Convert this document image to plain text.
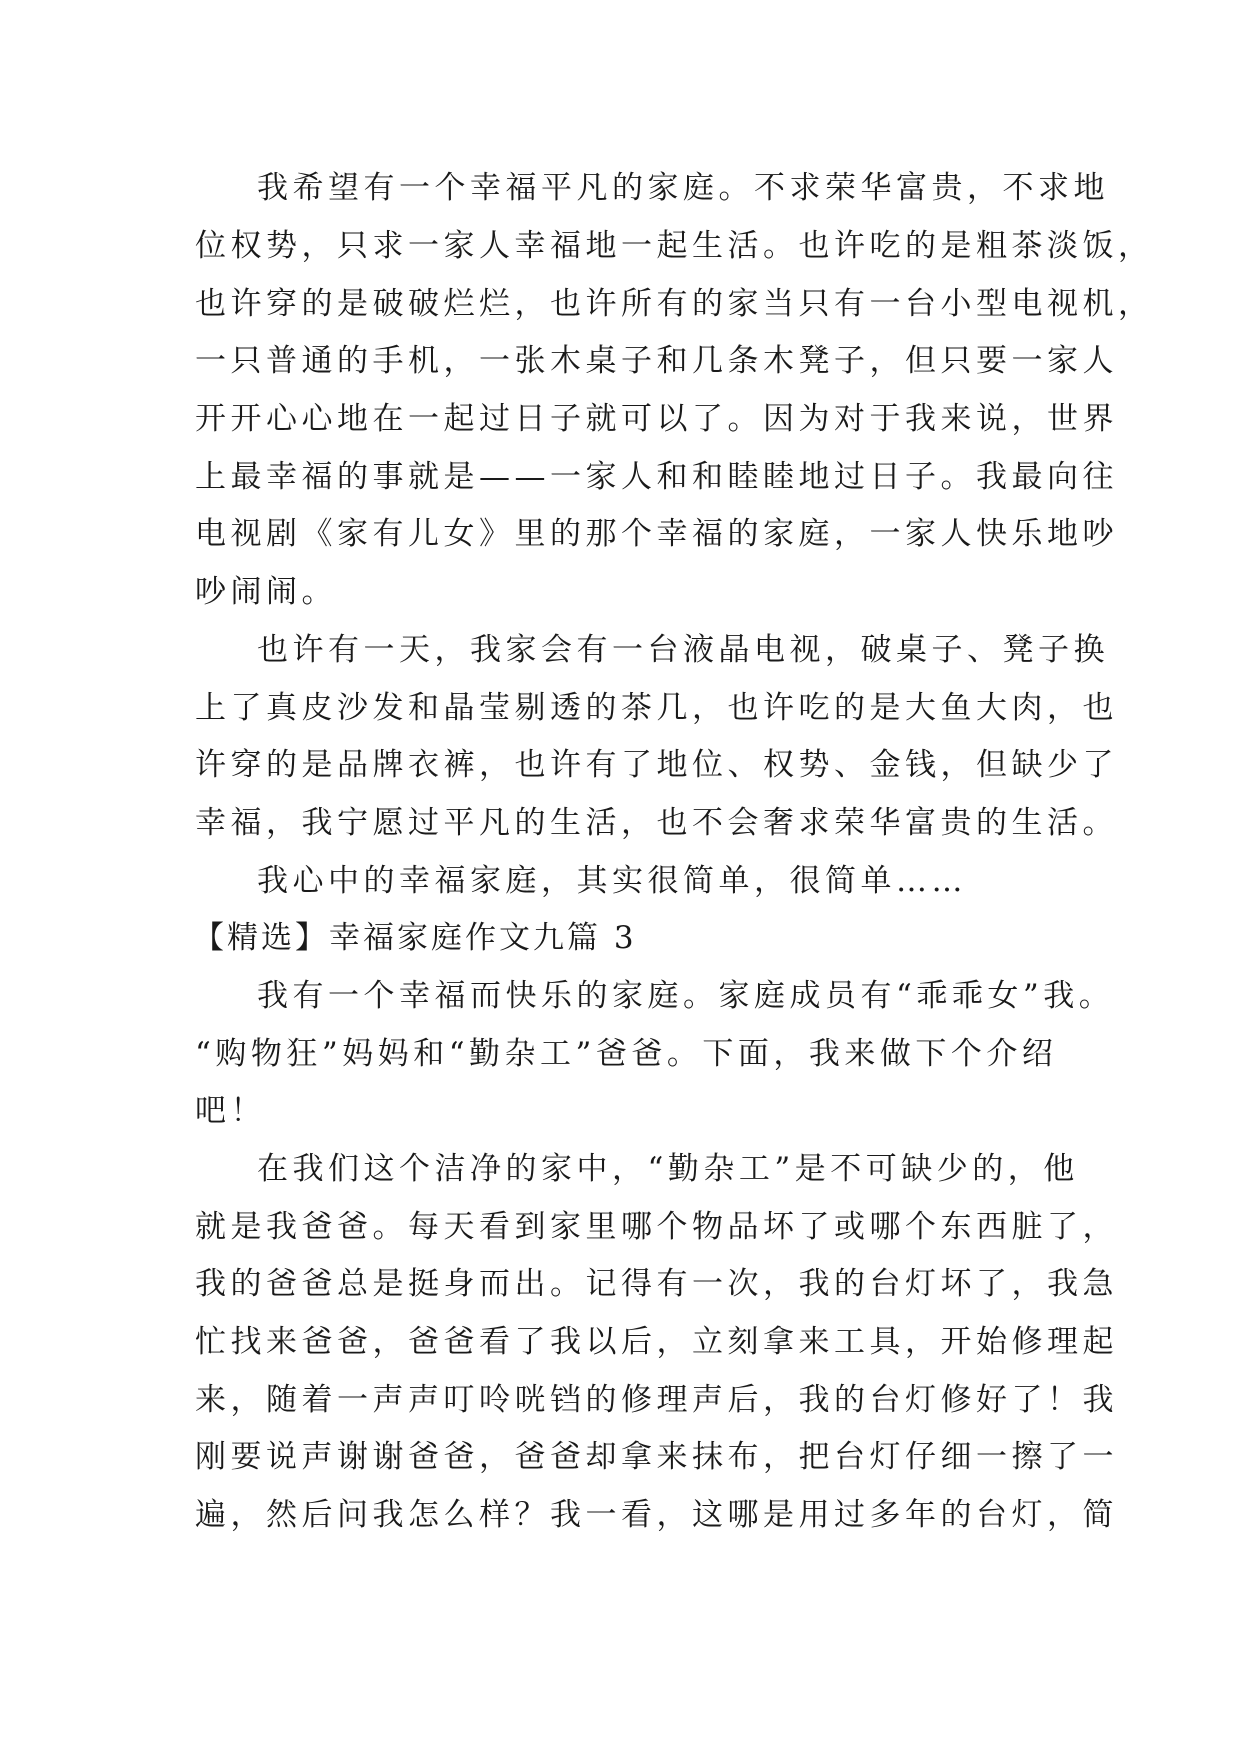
我希望有一个幸福平凡的家庭。不求荣华富贵，不求地
位权势，只求一家人幸福地一起生活。也许吃的是粗茶淡饭，
也许穿的是破破烂烂，也许所有的家当只有一台小型电视机，
一只普通的手机，一张木桌子和几条木凳子，但只要一家人
开开心心地在一起过日子就可以了。因为对于我来说，世界
上最幸福的事就是——一家人和和睦睦地过日子。我最向往
电视剧《家有儿女》里的那个幸福的家庭，一家人快乐地吵
吵闹闹。
也许有一天，我家会有一台液晶电视，破桌子、凳子换
上了真皮沙发和晶莹剔透的茶几，也许吃的是大鱼大肉，也
许穿的是品牌衣裤，也许有了地位、权势、金钱，但缺少了
幸福，我宁愿过平凡的生活，也不会奢求荣华富贵的生活。
我心中的幸福家庭，其实很简单，很简单……
【精选】幸福家庭作文九篇 3
我有一个幸福而快乐的家庭。家庭成员有“乖乖女”我。
“购物狂”妈妈和“勤杂工”爸爸。下面，我来做下个介绍
吧！
在我们这个洁净的家中，“勤杂工”是不可缺少的，他
就是我爸爸。每天看到家里哪个物品坏了或哪个东西脏了，
我的爸爸总是挺身而出。记得有一次，我的台灯坏了，我急
忙找来爸爸，爸爸看了我以后，立刻拿来工具，开始修理起
来，随着一声声叮呤咣铛的修理声后，我的台灯修好了！我
刚要说声谢谢爸爸，爸爸却拿来抹布，把台灯仔细一擦了一
遍，然后问我怎么样？我一看，这哪是用过多年的台灯，简
